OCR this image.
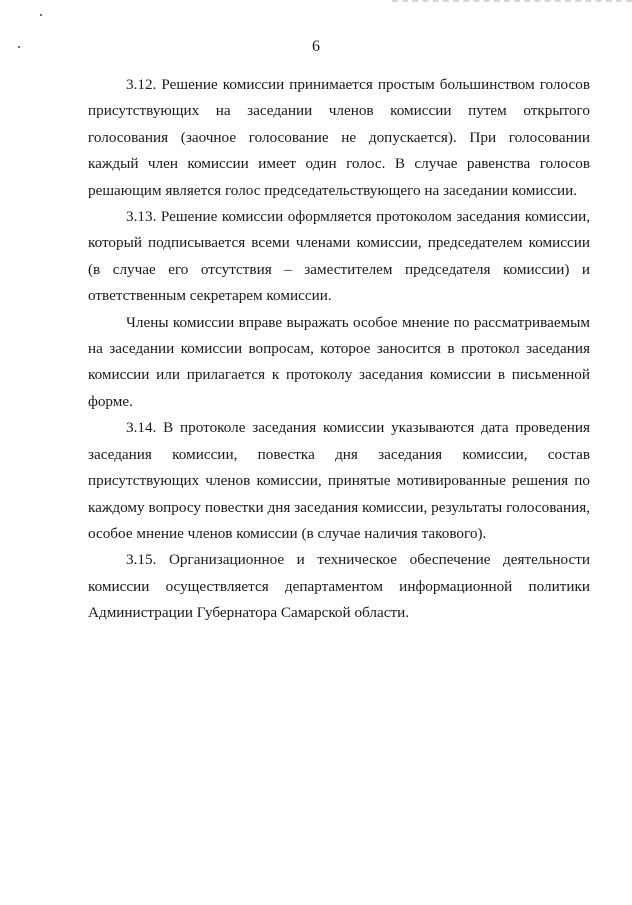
6

3.12. Решение комиссии принимается простым большинством голосов присутствующих на заседании членов комиссии путем открытого голосования (заочное голосование не допускается). При голосовании каждый член комиссии имеет один голос. В случае равенства голосов решающим является голос председательствующего на заседании комиссии.

3.13. Решение комиссии оформляется протоколом заседания комиссии, который подписывается всеми членами комиссии, председателем комиссии (в случае его отсутствия – заместителем председателя комиссии) и ответственным секретарем комиссии.

Члены комиссии вправе выражать особое мнение по рассматриваемым на заседании комиссии вопросам, которое заносится в протокол заседания комиссии или прилагается к протоколу заседания комиссии в письменной форме.

3.14. В протоколе заседания комиссии указываются дата проведения заседания комиссии, повестка дня заседания комиссии, состав присутствующих членов комиссии, принятые мотивированные решения по каждому вопросу повестки дня заседания комиссии, результаты голосования, особое мнение членов комиссии (в случае наличия такового).

3.15. Организационное и техническое обеспечение деятельности комиссии осуществляется департаментом информационной политики Администрации Губернатора Самарской области.
